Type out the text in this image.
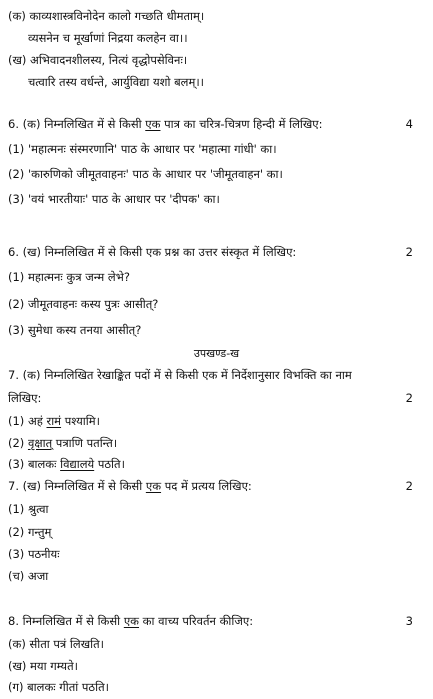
(क) काव्यशास्त्रविनोदेन कालो गच्छति धीमताम्।
व्यसनेन च मूर्खाणां निद्रया कलहेन वा।।
(ख) अभिवादनशीलस्य, नित्यं वृद्धोपसेविनः।
चत्वारि तस्य वर्धन्ते, आर्युविद्या यशो बलम्।।
6. (क) निम्नलिखित में से किसी एक पात्र का चरित्र-चित्रण हिन्दी में लिखिए:	4
(1) 'महात्मनः संस्मरणानि' पाठ के आधार पर 'महात्मा गांधी' का।
(2) 'कारुणिको जीमूतवाहनः' पाठ के आधार पर 'जीमूतवाहन' का।
(3) 'वयं भारतीयाः' पाठ के आधार पर 'दीपक' का।
6. (ख) निम्नलिखित में से किसी एक प्रश्न का उत्तर संस्कृत में लिखिए:	2
(1) महात्मनः कुत्र जन्म लेभे?
(2) जीमूतवाहनः कस्य पुत्रः आसीत्?
(3) सुमेधा कस्य तनया आसीत्?
उपखण्ड-ख
7. (क) निम्नलिखित रेखाङ्कित पदों में से किसी एक में निर्देशानुसार विभक्ति का नाम
लिखिए:	2
(1) अहं रामं पश्यामि।
(2) वृक्षात् पत्राणि पतन्ति।
(3) बालकः विद्यालये पठति।
7. (ख) निम्नलिखित में से किसी एक पद में प्रत्यय लिखिए:	2
(1) श्रुत्वा
(2) गन्तुम्
(3) पठनीयः
(च) अजा
8. निम्नलिखित में से किसी एक का वाच्य परिवर्तन कीजिए:	3
(क) सीता पत्रं लिखति।
(ख) मया गम्यते।
(ग) बालकः गीतां पठति।
